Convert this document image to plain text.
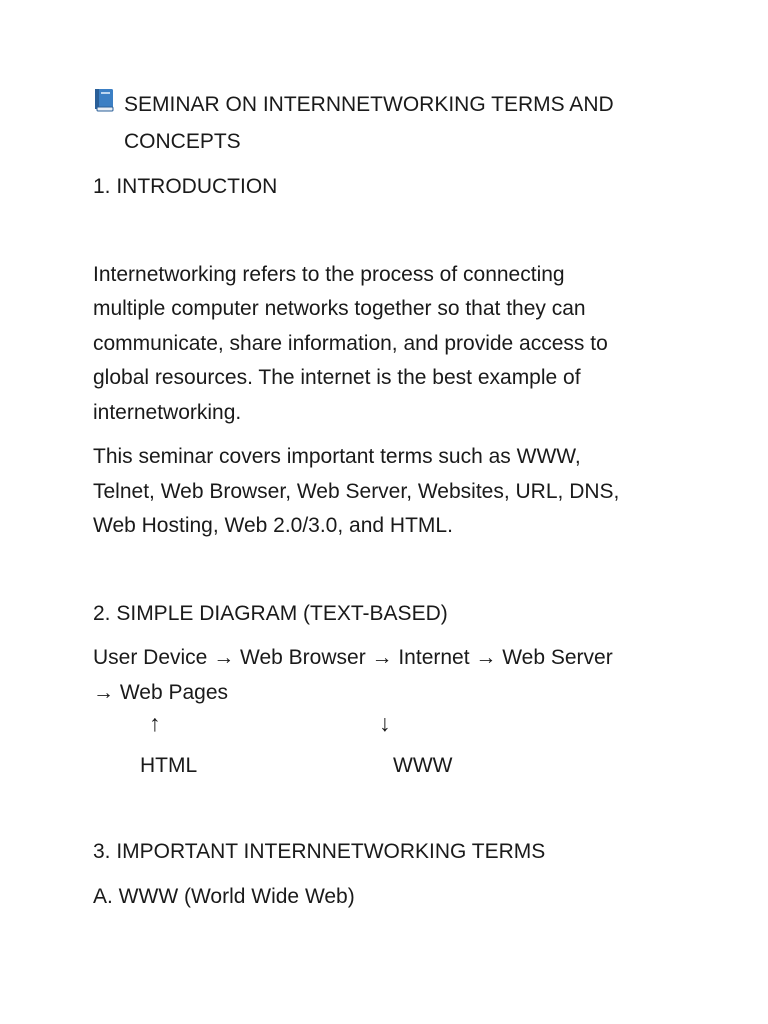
SEMINAR ON INTERNNETWORKING TERMS AND
CONCEPTS

1. INTRODUCTION

Internetworking refers to the process of connecting

multiple computer networks together so that they can

communicate, share information, and provide access to

global resources. The internet is the best example of

internetworking.

This seminar covers important terms such as WWW,

Telnet, Web Browser, Web Server, Websites, URL, DNS,

Web Hosting, Web 2.0/3.0, and HTML.

2. SIMPLE DIAGRAM (TEXT-BASED)

User Device → Web Browser → Internet → Web Server

→ Web Pages

↑	↓
HTML	WWW

3. IMPORTANT INTERNNETWORKING TERMS

A. WWW (World Wide Web)
